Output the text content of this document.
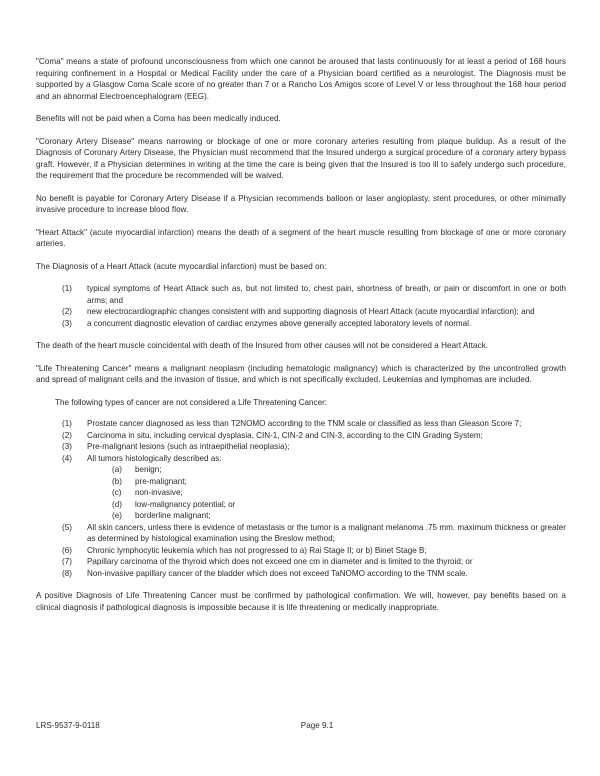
"Coma" means a state of profound unconsciousness from which one cannot be aroused that lasts continuously for at least a period of 168 hours requiring confinement in a Hospital or Medical Facility under the care of a Physician board certified as a neurologist. The Diagnosis must be supported by a Glasgow Coma Scale score of no greater than 7 or a Rancho Los Amigos score of Level V or less throughout the 168 hour period and an abnormal Electroencephalogram (EEG).

Benefits will not be paid when a Coma has been medically induced.

"Coronary Artery Disease" means narrowing or blockage of one or more coronary arteries resulting from plaque buildup. As a result of the Diagnosis of Coronary Artery Disease, the Physician must recommend that the Insured undergo a surgical procedure of a coronary artery bypass graft. However, if a Physician determines in writing at the time the care is being given that the Insured is too ill to safely undergo such procedure, the requirement that the procedure be recommended will be waived.

No benefit is payable for Coronary Artery Disease if a Physician recommends balloon or laser angioplasty, stent procedures, or other minimally invasive procedure to increase blood flow.

"Heart Attack" (acute myocardial infarction) means the death of a segment of the heart muscle resulting from blockage of one or more coronary arteries.

The Diagnosis of a Heart Attack (acute myocardial infarction) must be based on:

(1)	typical symptoms of Heart Attack such as, but not limited to, chest pain, shortness of breath, or pain or discomfort in one or both arms; and
(2)	new electrocardiographic changes consistent with and supporting diagnosis of Heart Attack (acute myocardial infarction); and
(3)	a concurrent diagnostic elevation of cardiac enzymes above generally accepted laboratory levels of normal.

The death of the heart muscle coincidental with death of the Insured from other causes will not be considered a Heart Attack.

"Life Threatening Cancer" means a malignant neoplasm (including hematologic malignancy) which is characterized by the uncontrolled growth and spread of malignant cells and the invasion of tissue, and which is not specifically excluded. Leukemias and lymphomas are included.

The following types of cancer are not considered a Life Threatening Cancer:

(1)	Prostate cancer diagnosed as less than T2NOMO according to the TNM scale or classified as less than Gleason Score 7;
(2)	Carcinoma in situ, including cervical dysplasia, CIN-1, CIN-2 and CIN-3, according to the CIN Grading System;
(3)	Pre-malignant lesions (such as intraepithelial neoplasia);
(4)	All tumors histologically described as:
(a)	benign;
(b)	pre-malignant;
(c)	non-invasive;
(d)	low-malignancy potential; or
(e)	borderline malignant;
(5)	All skin cancers, unless there is evidence of metastasis or the tumor is a malignant melanoma .75 mm. maximum thickness or greater as determined by histological examination using the Breslow method;
(6)	Chronic lymphocytic leukemia which has not progressed to a) Rai Stage II; or b) Binet Stage B;
(7)	Papillary carcinoma of the thyroid which does not exceed one cm in diameter and is limited to the thyroid; or
(8)	Non-invasive papillary cancer of the bladder which does not exceed TaNOMO according to the TNM scale.

A positive Diagnosis of Life Threatening Cancer must be confirmed by pathological confirmation. We will, however, pay benefits based on a clinical diagnosis if pathological diagnosis is impossible because it is life threatening or medically inappropriate.

LRS-9537-9-0118	Page 9.1
